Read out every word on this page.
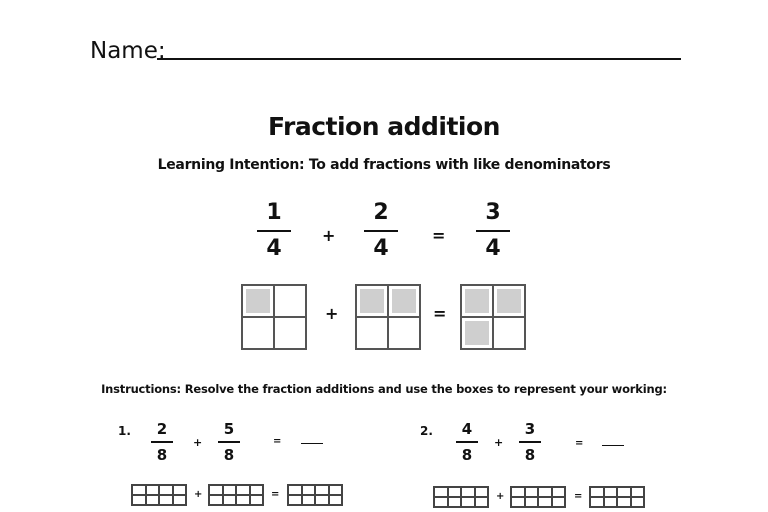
Name:
Fraction addition
Learning Intention: To add fractions with like denominators
1
4
+
2
4
=
3
4
+	=
Instructions: Resolve the fraction additions and use the boxes to represent your working:
1.	2
8
+
5
8
=
+	=
2.	4
8
+
3
8
=
+	=
